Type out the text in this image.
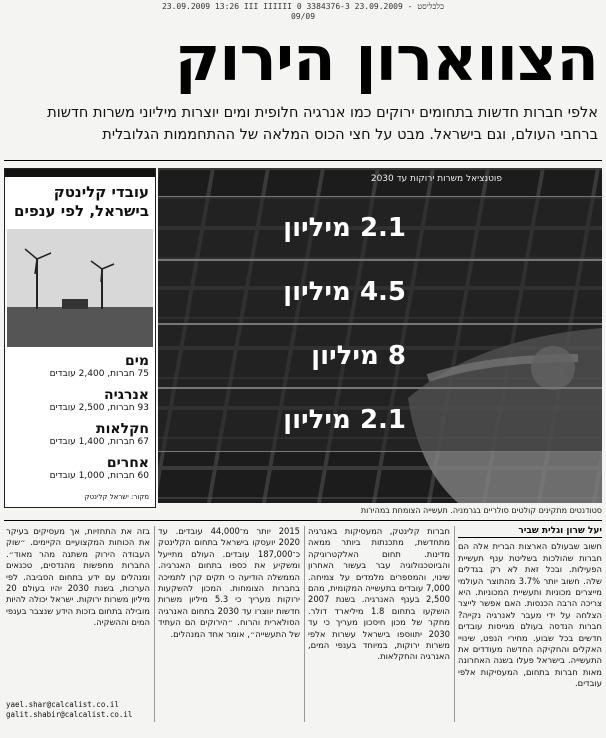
23.09.2009 13:26 III IIIIII 0 כלכליסט - 23.09.2009 3384376-3
09/09
הצווארון הירוק
אלפי חברות חדשות בתחומים ירוקים כמו אנרגיה חלופית ומים יוצרות מיליוני משרות חדשות ברחבי העולם, וגם בישראל. מבט על חצי הכוס המלאה של ההתחממות הגלובלית
פוטנציאל משרות ירוקות עד 2030
2.1 מיליון
4.5 מיליון
8 מיליון
2.1 מיליון
סטודנטים מתקינים קולטים סולריים בגרמניה. תעשייה הצומחת במהירות
עובדי קלינטק
בישראל, לפי ענפים
מים
75 חברות, 2,400 עובדים
אנרגיה
93 חברות, 2,500 עובדים
חקלאות
67 חברות, 1,400 עובדים
אחרים
60 חברות, 1,000 עובדים
מקור: ישראל קלינטק
יעל שרון וגלית שביר
חשוב שבעולם הארצות הברית אלה הם חברות שהולכות בשליטת ענף תעשיית הפעילות. ובכל זאת לא רק בגדלים שלה. חשוב יותר 3.7% מהתוצר העולמי מייצרים מכוניות ותעשיית המכוניות. היא צריכה הרבה הכנסות. האם אפשר לייצר הצלחה על ידי מעבר לאנרגיה נקייה? חברות הנדסה בעולם מגייסות עובדים חדשים בכל שבוע. מחירי הנפט, שינויי האקלים והחקיקה החדשה מעודדים את התעשייה. בישראל פעלו בשנה האחרונה מאות חברות בתחום, המעסיקות אלפי עובדים.
חברות קלינטק, המעסיקות באנרגיה מתחדשת, מתכנתות ביותר ממאה מדינות. תחום האלקטרוניקה והביוטכנולוגיה עבר בעשור האחרון שינוי, והמספרים מלמדים על צמיחה. 7,000 עובדים בתעשייה המקומית, מהם 2,500 בענף האנרגיה. בשנת 2007 הושקעו בתחום 1.8 מיליארד דולר. מחקר של מכון חיסכון מעריך כי עד 2030 יתווספו בישראל עשרות אלפי משרות ירוקות, במיוחד בענפי המים, האנרגיה והחקלאות.
2015 יותר מ־44,000 עובדים. עד 2020 יועסקו בישראל בתחום הקלינטק כ־187,000 עובדים. העולם מתייעל ומשקיע את כספו בתחום האנרגיה. הממשלה הודיעה כי תקים קרן לתמיכה בחברות הצומחות. המכון להשקעות ירוקות מעריך כי 5.3 מיליון משרות חדשות יווצרו עד 2030 בתחום האנרגיה הסולארית והרוח. ״הירוקים הם העתיד של התעשייה״, אומר אחד המנהלים.
בזה את התחזיות, אך מעסיקים בעיקר את הכוחות המקצועיים הקיימים. ״שוק העבודה הירוק משתנה מהר מאוד״. החברות מחפשות מהנדסים, טכנאים ומנהלים עם ידע בתחום הסביבה. לפי הערכות, בשנת 2030 יהיו בעולם 20 מיליון משרות ירוקות. ישראל יכולה להיות מובילה בתחום בזכות הידע שנצבר בענפי המים וההשקיה.
yael.shar@calcalist.co.il
galit.shabir@calcalist.co.il
